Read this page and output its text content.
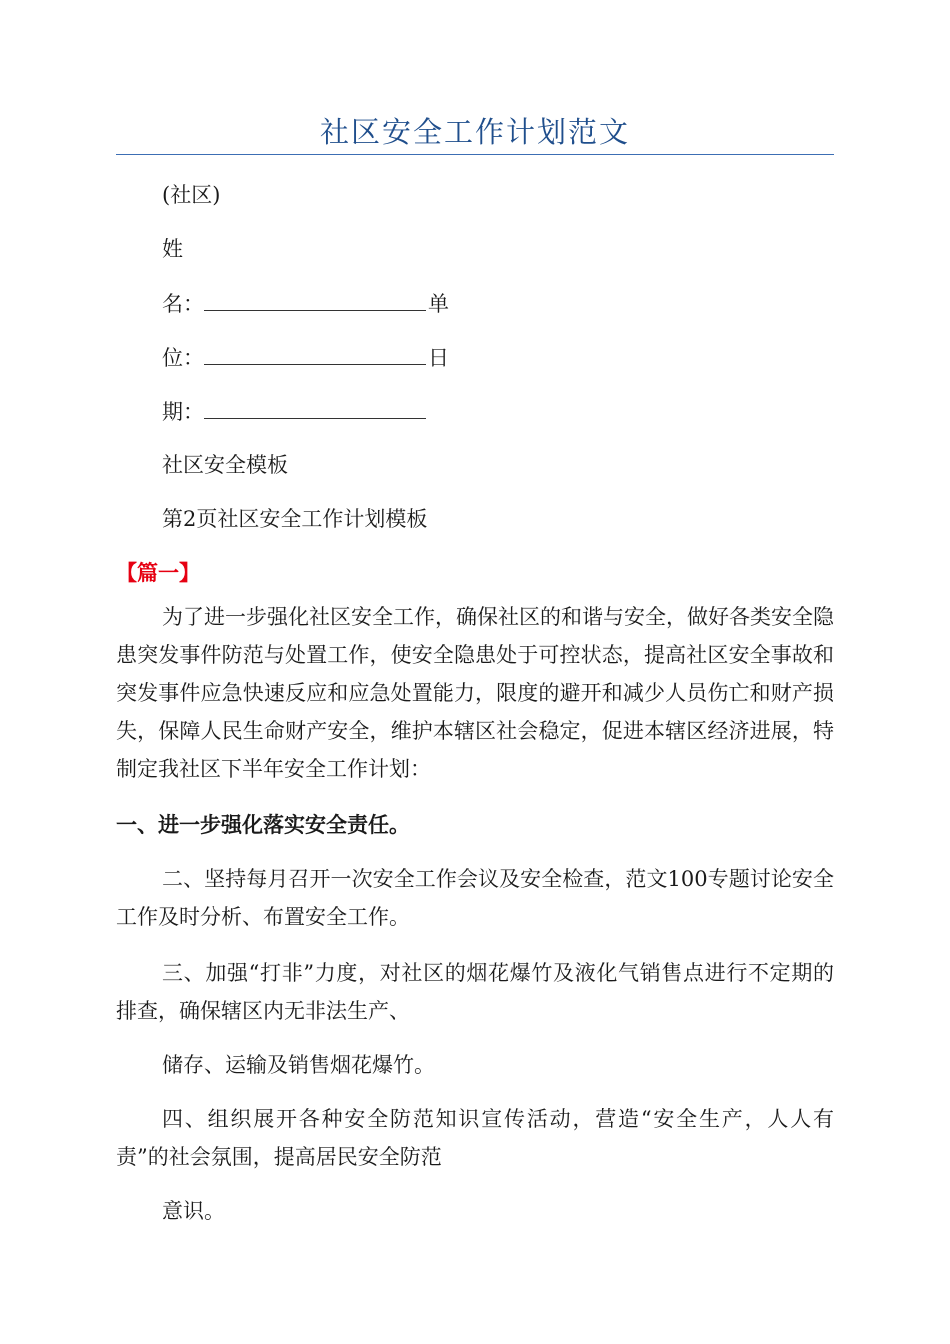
社区安全工作计划范文
(社区)
姓
名：	单
位：	日
期：
社区安全模板
第2页社区安全工作计划模板
【篇一】
为了进一步强化社区安全工作，确保社区的和谐与安全，做好各类安全隐患突发事件防范与处置工作，使安全隐患处于可控状态，提高社区安全事故和突发事件应急快速反应和应急处置能力，限度的避开和减少人员伤亡和财产损失，保障人民生命财产安全，维护本辖区社会稳定，促进本辖区经济进展，特制定我社区下半年安全工作计划：
一、进一步强化落实安全责任。
二、坚持每月召开一次安全工作会议及安全检查，范文100专题讨论安全工作及时分析、布置安全工作。
三、加强“打非”力度，对社区的烟花爆竹及液化气销售点进行不定期的排查，确保辖区内无非法生产、
储存、运输及销售烟花爆竹。
四、组织展开各种安全防范知识宣传活动，营造“安全生产，人人有责”的社会氛围，提高居民安全防范
意识。
